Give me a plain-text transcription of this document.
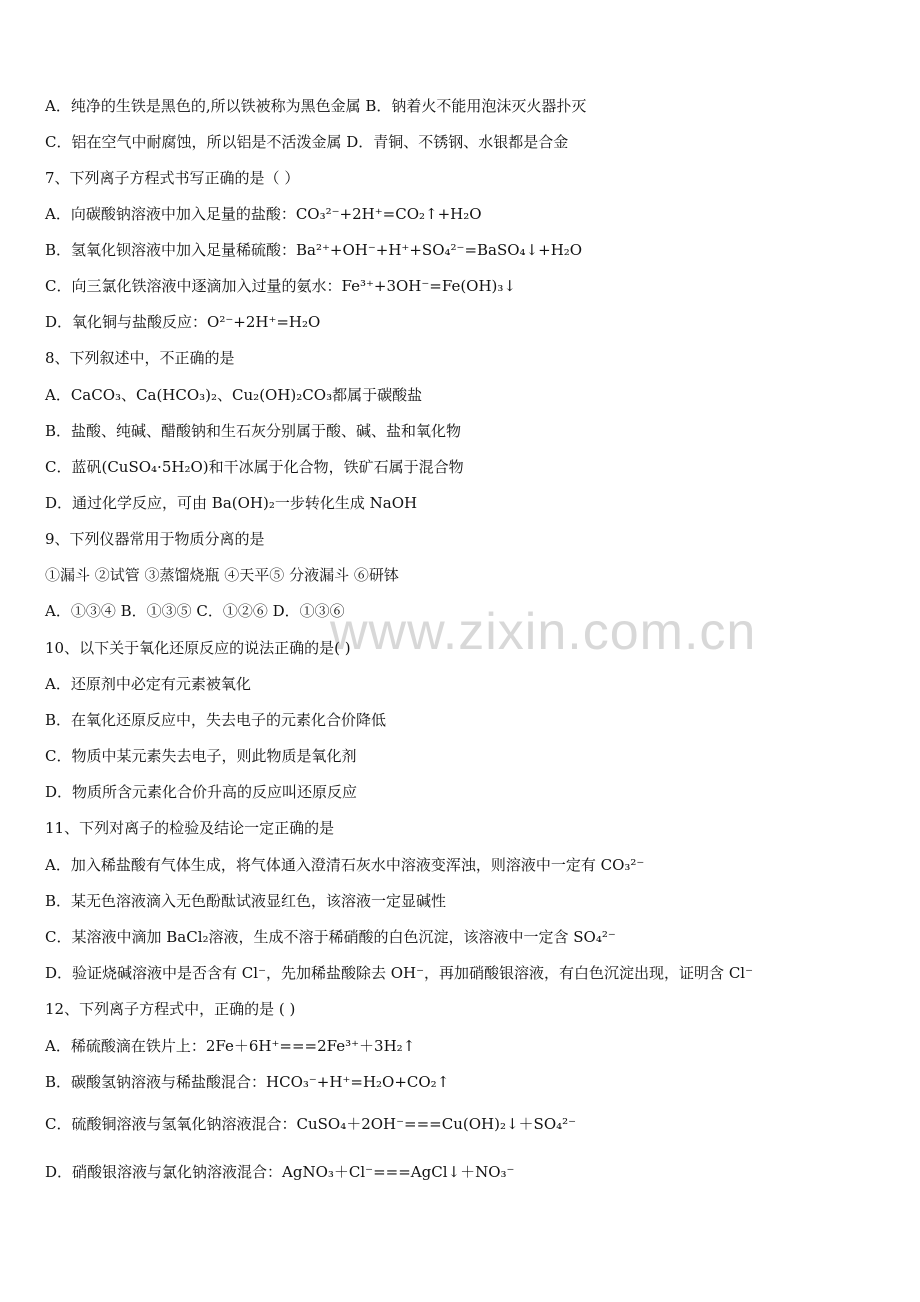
www.zixin.com.cn
A．纯净的生铁是黑色的,所以铁被称为黑色金属 B．钠着火不能用泡沫灭火器扑灭
C．铝在空气中耐腐蚀，所以铝是不活泼金属 D．青铜、不锈钢、水银都是合金
7、下列离子方程式书写正确的是（ ）
A．向碳酸钠溶液中加入足量的盐酸：CO₃²⁻+2H⁺=CO₂↑+H₂O
B．氢氧化钡溶液中加入足量稀硫酸：Ba²⁺+OH⁻+H⁺+SO₄²⁻=BaSO₄↓+H₂O
C．向三氯化铁溶液中逐滴加入过量的氨水：Fe³⁺+3OH⁻=Fe(OH)₃↓
D．氧化铜与盐酸反应：O²⁻+2H⁺=H₂O
8、下列叙述中，不正确的是
A．CaCO₃、Ca(HCO₃)₂、Cu₂(OH)₂CO₃都属于碳酸盐
B．盐酸、纯碱、醋酸钠和生石灰分别属于酸、碱、盐和氧化物
C．蓝矾(CuSO₄·5H₂O)和干冰属于化合物，铁矿石属于混合物
D．通过化学反应，可由 Ba(OH)₂一步转化生成 NaOH
9、下列仪器常用于物质分离的是
①漏斗 ②试管 ③蒸馏烧瓶 ④天平⑤ 分液漏斗 ⑥研钵
A．①③④ B．①③⑤ C．①②⑥ D．①③⑥
10、以下关于氧化还原反应的说法正确的是( )
A．还原剂中必定有元素被氧化
B．在氧化还原反应中，失去电子的元素化合价降低
C．物质中某元素失去电子，则此物质是氧化剂
D．物质所含元素化合价升高的反应叫还原反应
11、下列对离子的检验及结论一定正确的是
A．加入稀盐酸有气体生成，将气体通入澄清石灰水中溶液变浑浊，则溶液中一定有 CO₃²⁻
B．某无色溶液滴入无色酚酞试液显红色，该溶液一定显碱性
C．某溶液中滴加 BaCl₂溶液，生成不溶于稀硝酸的白色沉淀，该溶液中一定含 SO₄²⁻
D．验证烧碱溶液中是否含有 Cl⁻，先加稀盐酸除去 OH⁻，再加硝酸银溶液，有白色沉淀出现，证明含 Cl⁻
12、下列离子方程式中，正确的是 ( )
A．稀硫酸滴在铁片上：2Fe＋6H⁺===2Fe³⁺＋3H₂↑
B．碳酸氢钠溶液与稀盐酸混合：HCO₃⁻+H⁺=H₂O+CO₂↑
C．硫酸铜溶液与氢氧化钠溶液混合：CuSO₄＋2OH⁻===Cu(OH)₂↓＋SO₄²⁻
D．硝酸银溶液与氯化钠溶液混合：AgNO₃＋Cl⁻===AgCl↓＋NO₃⁻
